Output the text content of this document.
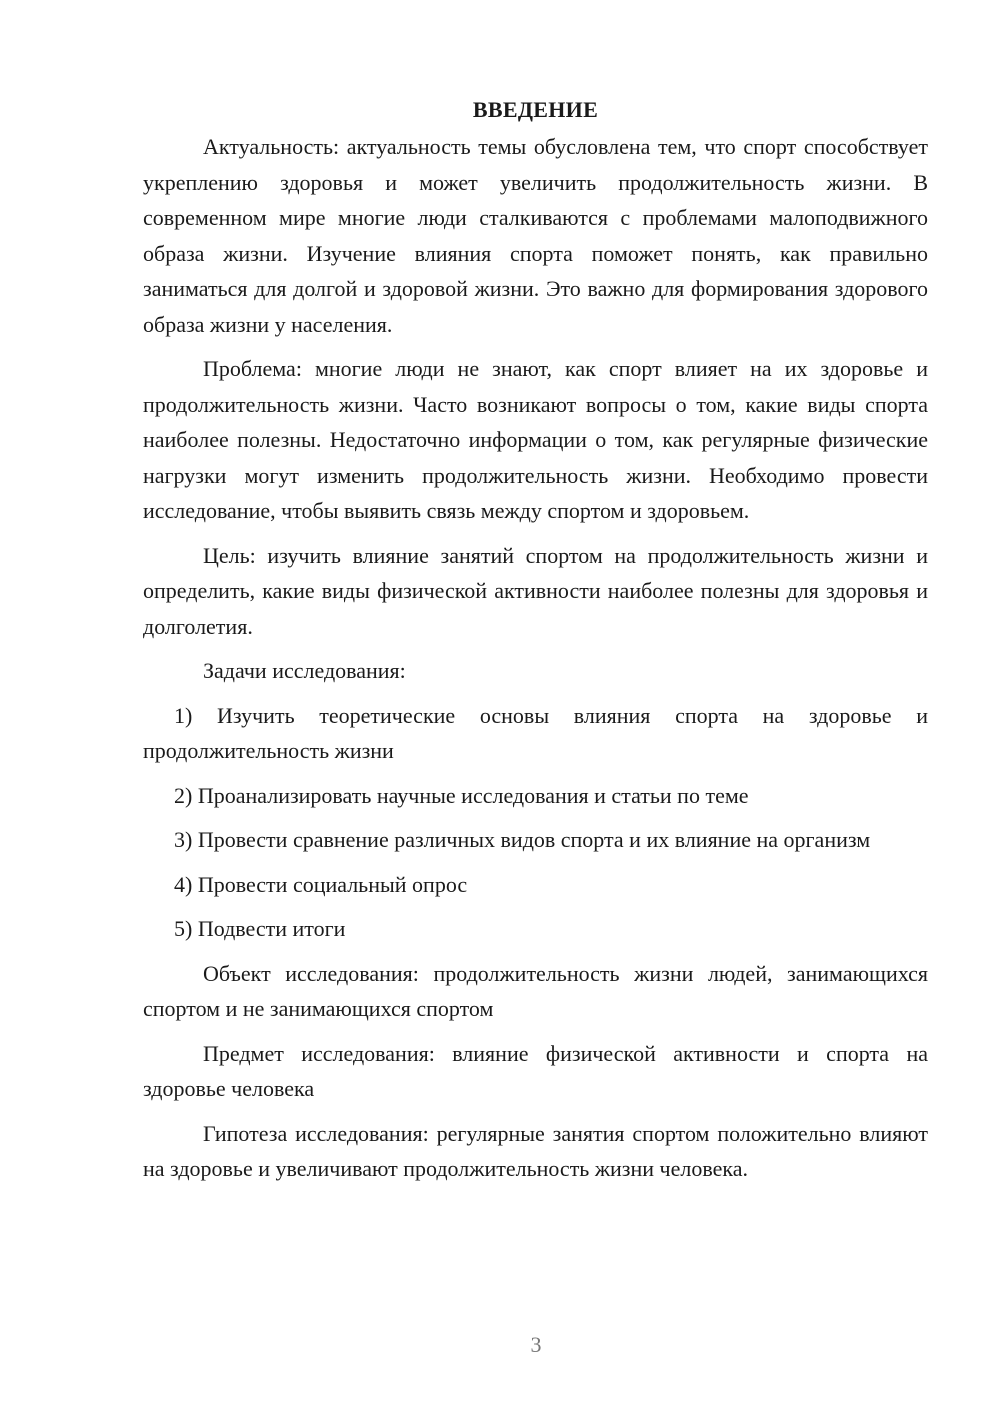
ВВЕДЕНИЕ

Актуальность: актуальность темы обусловлена тем, что спорт способствует укреплению здоровья и может увеличить продолжительность жизни. В современном мире многие люди сталкиваются с проблемами малоподвижного образа жизни. Изучение влияния спорта поможет понять, как правильно заниматься для долгой и здоровой жизни. Это важно для формирования здорового образа жизни у населения.

Проблема: многие люди не знают, как спорт влияет на их здоровье и продолжительность жизни. Часто возникают вопросы о том, какие виды спорта наиболее полезны. Недостаточно информации о том, как регулярные физические нагрузки могут изменить продолжительность жизни. Необходимо провести исследование, чтобы выявить связь между спортом и здоровьем.

Цель: изучить влияние занятий спортом на продолжительность жизни и определить, какие виды физической активности наиболее полезны для здоровья и долголетия.

Задачи исследования:

1) Изучить теоретические основы влияния спорта на здоровье и продолжительность жизни

2) Проанализировать научные исследования и статьи по теме

3) Провести сравнение различных видов спорта и их влияние на организм

4) Провести социальный опрос

5) Подвести итоги

Объект исследования: продолжительность жизни людей, занимающихся спортом и не занимающихся спортом

Предмет исследования: влияние физической активности и спорта на здоровье человека

Гипотеза исследования: регулярные занятия спортом положительно влияют на здоровье и увеличивают продолжительность жизни человека.

3
